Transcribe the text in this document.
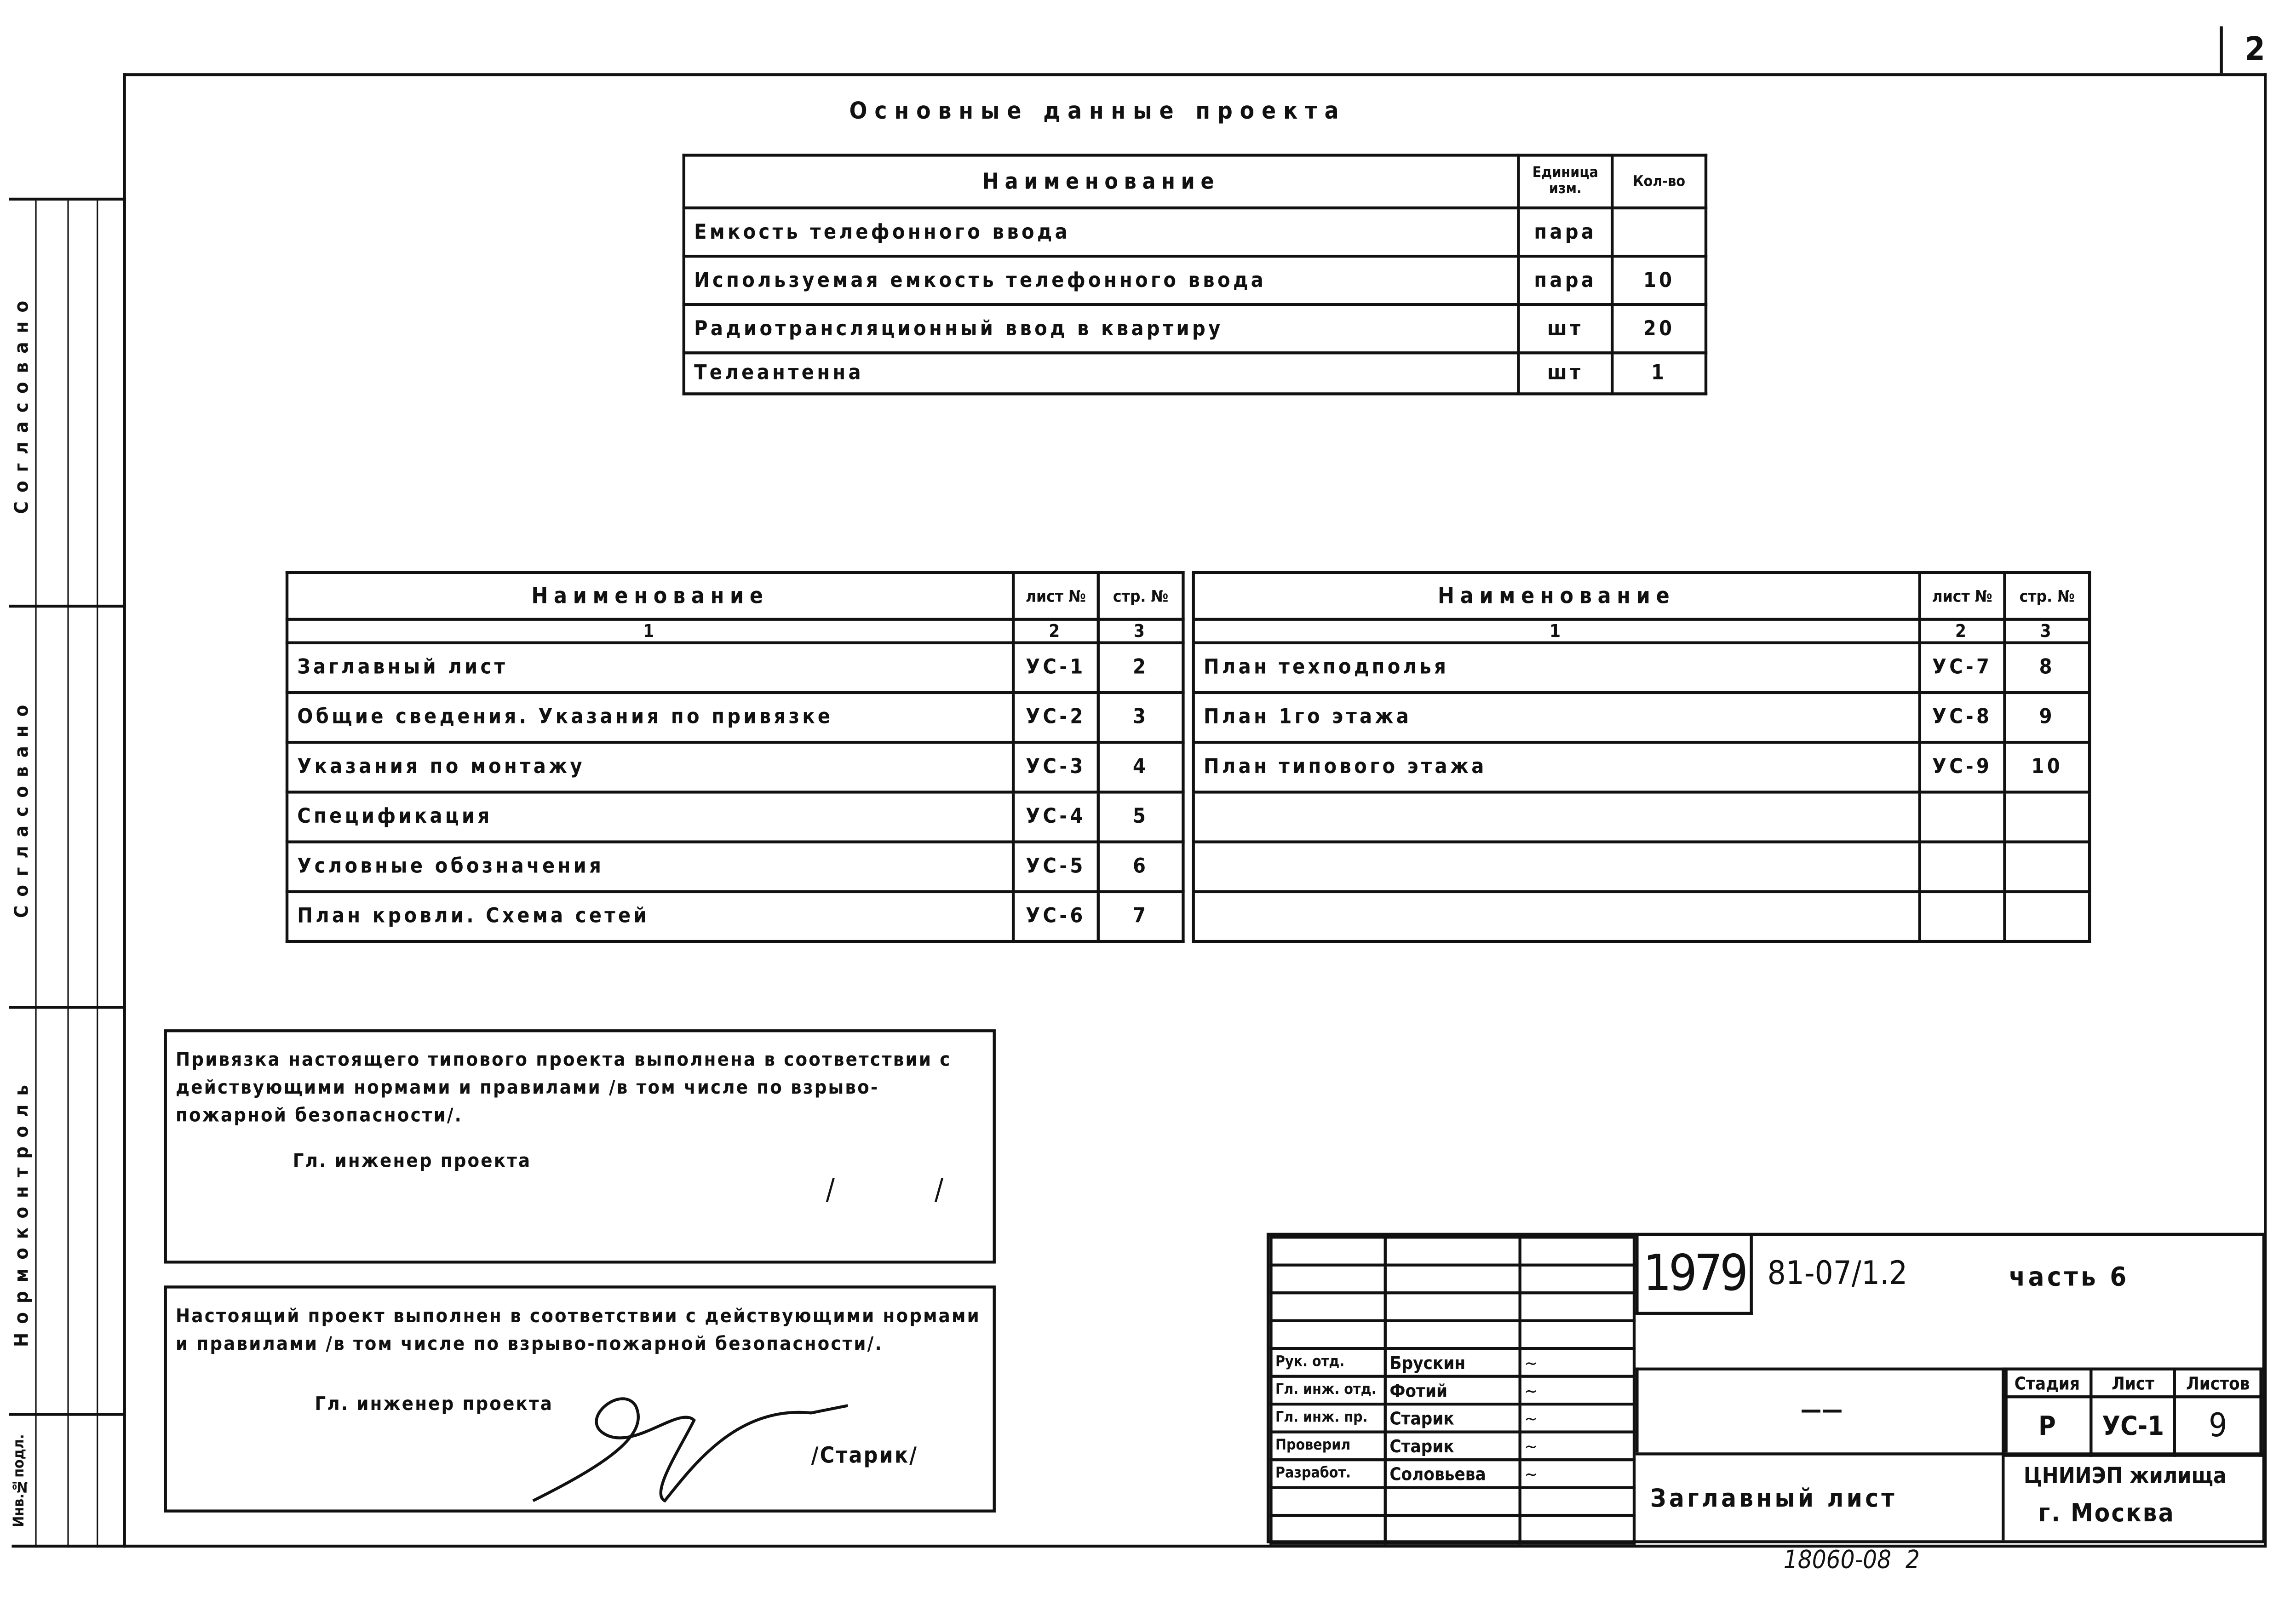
2
Согласовано
Согласовано
Нормоконтроль
Инв.№подл.
Основные данные проекта
Наименование	Единица изм.	Кол-во
Емкость телефонного ввода	пара	
Используемая емкость телефонного ввода	пара	10
Радиотрансляционный ввод в квартиру	шт	20
Телеантенна	шт	1
Наименование	лист №	стр. №
1	2	3
Заглавный лист	УС-1	2
Общие сведения. Указания по привязке	УС-2	3
Указания по монтажу	УС-3	4
Спецификация	УС-4	5
Условные обозначения	УС-5	6
План кровли. Схема сетей	УС-6	7
Наименование	лист №	стр. №
1	2	3
План техподполья	УС-7	8
План 1го этажа	УС-8	9
План типового этажа	УС-9	10

Привязка настоящего типового проекта выполнена в соответствии с действующими нормами и правилами /в том числе по взрыво-пожарной безопасности/.
Гл. инженер проекта
/          /
Настоящий проект выполнен в соответствии с действующими нормами и правилами /в том числе по взрыво-пожарной безопасности/.
Гл. инженер проекта
/Старик/

Рук. отд.	Брускин	~
Гл. инж. отд.	Фотий	~
Гл. инж. пр.	Старик	~
Проверил	Старик	~
Разработ.	Соловьева	~

1979	81-07/1.2	часть 6
——
Стадия	Лист	Листов
Р	УС-1	9
Заглавный лист
ЦНИИЭП жилища
г. Москва
18060-08  2
